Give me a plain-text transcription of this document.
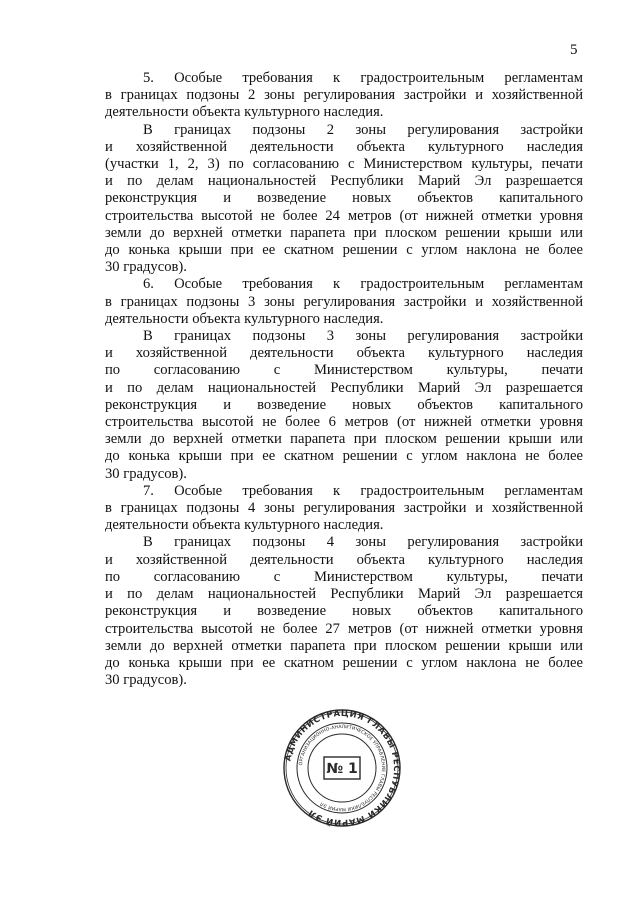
5
5. Особые требования к градостроительным регламентам
в границах подзоны 2 зоны регулирования застройки и хозяйственной
деятельности объекта культурного наследия.
В границах подзоны 2 зоны регулирования застройки
и хозяйственной деятельности объекта культурного наследия
(участки 1, 2, 3) по согласованию с Министерством культуры, печати
и по делам национальностей Республики Марий Эл разрешается
реконструкция и возведение новых объектов капитального
строительства высотой не более 24 метров (от нижней отметки уровня
земли до верхней отметки парапета при плоском решении крыши или
до конька крыши при ее скатном решении с углом наклона не более
30 градусов).
6. Особые требования к градостроительным регламентам
в границах подзоны 3 зоны регулирования застройки и хозяйственной
деятельности объекта культурного наследия.
В границах подзоны 3 зоны регулирования застройки
и хозяйственной деятельности объекта культурного наследия
по согласованию с Министерством культуры, печати
и по делам национальностей Республики Марий Эл разрешается
реконструкция и возведение новых объектов капитального
строительства высотой не более 6 метров (от нижней отметки уровня
земли до верхней отметки парапета при плоском решении крыши или
до конька крыши при ее скатном решении с углом наклона не более
30 градусов).
7. Особые требования к градостроительным регламентам
в границах подзоны 4 зоны регулирования застройки и хозяйственной
деятельности объекта культурного наследия.
В границах подзоны 4 зоны регулирования застройки
и хозяйственной деятельности объекта культурного наследия
по согласованию с Министерством культуры, печати
и по делам национальностей Республики Марий Эл разрешается
реконструкция и возведение новых объектов капитального
строительства высотой не более 27 метров (от нижней отметки уровня
земли до верхней отметки парапета при плоском решении крыши или
до конька крыши при ее скатном решении с углом наклона не более
30 градусов).
АДМИНИСТРАЦИЯ ГЛАВЫ РЕСПУБЛИКИ МАРИЙ ЭЛ
ОРГАНИЗАЦИОННО-АНАЛИТИЧЕСКОЕ УПРАВЛЕНИЕ ГЛАВЫ РЕСПУБЛИКИ МАРИЙ ЭЛ
№ 1
